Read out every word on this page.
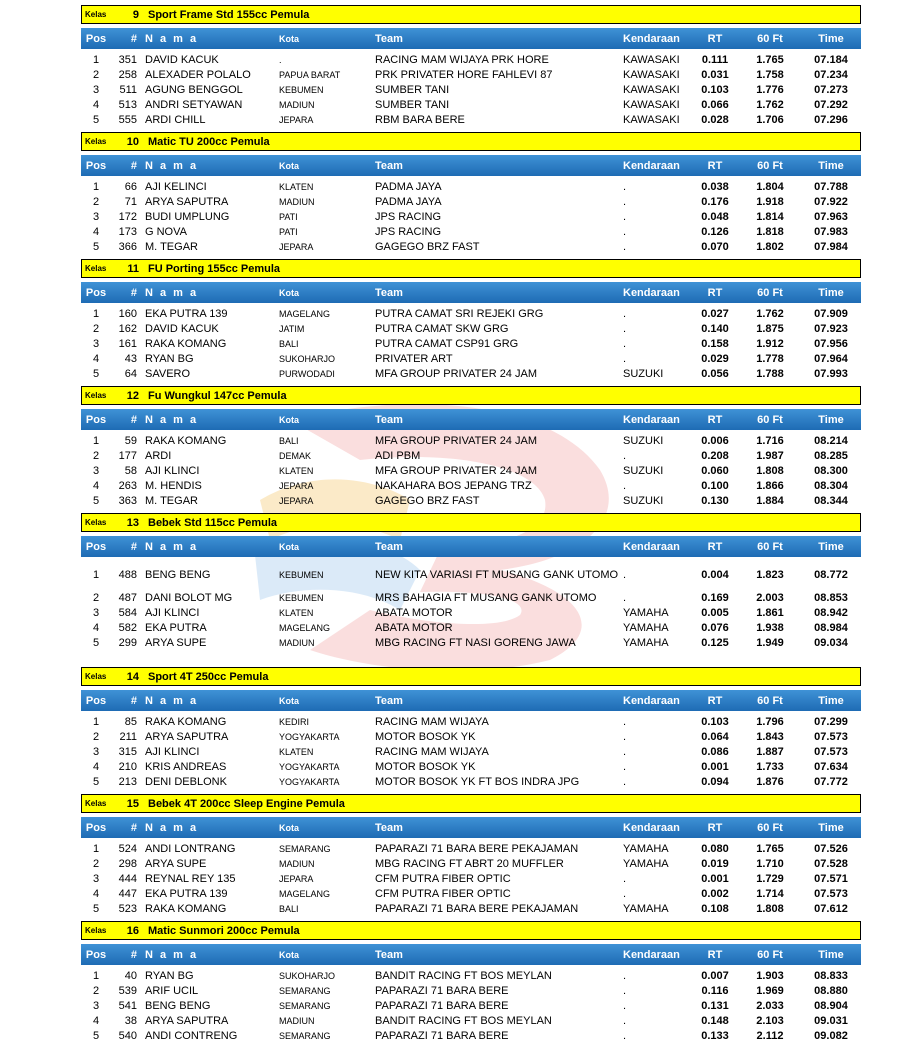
Kelas	9 Sport Frame Std 155cc Pemula
Pos	# N a m a	Kota	Team	Kendaraan	RT	60 Ft	Time
1	351 DAVID KACUK	.	RACING MAM WIJAYA PRK HORE	KAWASAKI	0.111	1.765	07.184
2	258 ALEXADER POLALO	PAPUA BARAT	PRK PRIVATER HORE FAHLEVI 87	KAWASAKI	0.031	1.758	07.234
3	511 AGUNG BENGGOL	KEBUMEN	SUMBER TANI	KAWASAKI	0.103	1.776	07.273
4	513 ANDRI SETYAWAN	MADIUN	SUMBER TANI	KAWASAKI	0.066	1.762	07.292
5	555 ARDI CHILL	JEPARA	RBM BARA BERE	KAWASAKI	0.028	1.706	07.296
Kelas	10 Matic TU 200cc Pemula
Pos	# N a m a	Kota	Team	Kendaraan	RT	60 Ft	Time
1	66 AJI KELINCI	KLATEN	PADMA JAYA	.	0.038	1.804	07.788
2	71 ARYA SAPUTRA	MADIUN	PADMA JAYA	.	0.176	1.918	07.922
3	172 BUDI UMPLUNG	PATI	JPS RACING	.	0.048	1.814	07.963
4	173 G NOVA	PATI	JPS RACING	.	0.126	1.818	07.983
5	366 M. TEGAR	JEPARA	GAGEGO BRZ FAST	.	0.070	1.802	07.984
Kelas	11 FU Porting 155cc Pemula
Pos	# N a m a	Kota	Team	Kendaraan	RT	60 Ft	Time
1	160 EKA PUTRA 139	MAGELANG	PUTRA CAMAT SRI REJEKI GRG	.	0.027	1.762	07.909
2	162 DAVID KACUK	JATIM	PUTRA CAMAT SKW GRG	.	0.140	1.875	07.923
3	161 RAKA KOMANG	BALI	PUTRA CAMAT CSP91 GRG	.	0.158	1.912	07.956
4	43 RYAN BG	SUKOHARJO	PRIVATER ART	.	0.029	1.778	07.964
5	64 SAVERO	PURWODADI	MFA GROUP PRIVATER 24 JAM	SUZUKI	0.056	1.788	07.993
Kelas	12 Fu Wungkul 147cc Pemula
Pos	# N a m a	Kota	Team	Kendaraan	RT	60 Ft	Time
1	59 RAKA KOMANG	BALI	MFA GROUP PRIVATER 24 JAM	SUZUKI	0.006	1.716	08.214
2	177 ARDI	DEMAK	ADI PBM	.	0.208	1.987	08.285
3	58 AJI KLINCI	KLATEN	MFA GROUP PRIVATER 24 JAM	SUZUKI	0.060	1.808	08.300
4	263 M. HENDIS	JEPARA	NAKAHARA BOS JEPANG TRZ	.	0.100	1.866	08.304
5	363 M. TEGAR	JEPARA	GAGEGO BRZ FAST	SUZUKI	0.130	1.884	08.344
Kelas	13 Bebek Std 115cc Pemula
Pos	# N a m a	Kota	Team	Kendaraan	RT	60 Ft	Time
1	488 BENG BENG	KEBUMEN	NEW KITA VARIASI FT MUSANG GANK UTOMO .	0.004	1.823	08.772
2	487 DANI BOLOT MG	KEBUMEN	MRS BAHAGIA FT MUSANG GANK UTOMO	.	0.169	2.003	08.853
3	584 AJI KLINCI	KLATEN	ABATA MOTOR	YAMAHA	0.005	1.861	08.942
4	582 EKA PUTRA	MAGELANG	ABATA MOTOR	YAMAHA	0.076	1.938	08.984
5	299 ARYA SUPE	MADIUN	MBG RACING FT NASI GORENG JAWA	YAMAHA	0.125	1.949	09.034
Kelas	14 Sport 4T 250cc Pemula
Pos	# N a m a	Kota	Team	Kendaraan	RT	60 Ft	Time
1	85 RAKA KOMANG	KEDIRI	RACING MAM WIJAYA	.	0.103	1.796	07.299
2	211 ARYA SAPUTRA	YOGYAKARTA	MOTOR BOSOK YK	.	0.064	1.843	07.573
3	315 AJI KLINCI	KLATEN	RACING MAM WIJAYA	.	0.086	1.887	07.573
4	210 KRIS ANDREAS	YOGYAKARTA	MOTOR BOSOK YK	.	0.001	1.733	07.634
5	213 DENI DEBLONK	YOGYAKARTA	MOTOR BOSOK YK FT BOS INDRA JPG	.	0.094	1.876	07.772
Kelas	15 Bebek 4T 200cc Sleep Engine Pemula
Pos	# N a m a	Kota	Team	Kendaraan	RT	60 Ft	Time
1	524 ANDI LONTRANG	SEMARANG	PAPARAZI 71 BARA BERE PEKAJAMAN	YAMAHA	0.080	1.765	07.526
2	298 ARYA SUPE	MADIUN	MBG RACING FT ABRT 20 MUFFLER	YAMAHA	0.019	1.710	07.528
3	444 REYNAL REY 135	JEPARA	CFM PUTRA FIBER OPTIC	.	0.001	1.729	07.571
4	447 EKA PUTRA 139	MAGELANG	CFM PUTRA FIBER OPTIC	.	0.002	1.714	07.573
5	523 RAKA KOMANG	BALI	PAPARAZI 71 BARA BERE PEKAJAMAN	YAMAHA	0.108	1.808	07.612
Kelas	16 Matic Sunmori 200cc Pemula
Pos	# N a m a	Kota	Team	Kendaraan	RT	60 Ft	Time
1	40 RYAN BG	SUKOHARJO	BANDIT RACING FT BOS MEYLAN	.	0.007	1.903	08.833
2	539 ARIF UCIL	SEMARANG	PAPARAZI 71 BARA BERE	.	0.116	1.969	08.880
3	541 BENG BENG	SEMARANG	PAPARAZI 71 BARA BERE	.	0.131	2.033	08.904
4	38 ARYA SAPUTRA	MADIUN	BANDIT RACING FT BOS MEYLAN	.	0.148	2.103	09.031
5	540 ANDI CONTRENG	SEMARANG	PAPARAZI 71 BARA BERE	.	0.133	2.112	09.082
